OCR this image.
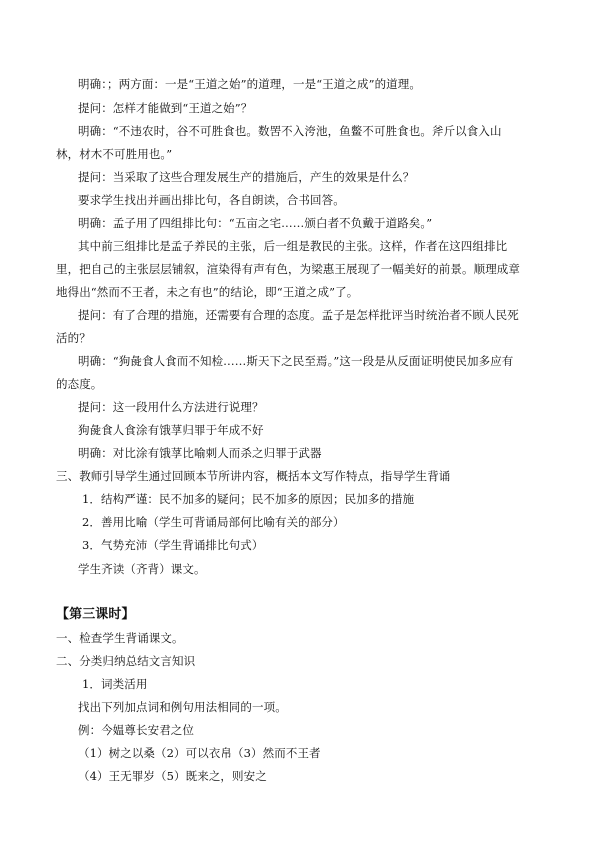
明确：；两方面：一是“王道之始”的道理，一是“王道之成”的道理。
提问：怎样才能做到“王道之始”？
明确：“不违农时，谷不可胜食也。数罟不入洿池，鱼鳖不可胜食也。斧斤以食入山
林，材木不可胜用也。”
提问：当采取了这些合理发展生产的措施后，产生的效果是什么？
要求学生找出并画出排比句，各自朗读，合书回答。
明确：孟子用了四组排比句：“五亩之宅……颁白者不负戴于道路矣。”
其中前三组排比是孟子养民的主张，后一组是教民的主张。这样，作者在这四组排比
里，把自己的主张层层铺叙，渲染得有声有色，为梁惠王展现了一幅美好的前景。顺理成章
地得出“然而不王者，未之有也”的结论，即“王道之成”了。
提问：有了合理的措施，还需要有合理的态度。孟子是怎样批评当时统治者不顾人民死
活的？
明确：“狗彘食人食而不知检……斯天下之民至焉。”这一段是从反面证明使民加多应有
的态度。
提问：这一段用什么方法进行说理？
狗彘食人食涂有饿莩归罪于年成不好
明确：对比涂有饿莩比喻刺人而杀之归罪于武器
三、教师引导学生通过回顾本节所讲内容，概括本文写作特点，指导学生背诵
1．结构严谨：民不加多的疑问；民不加多的原因；民加多的措施
2．善用比喻（学生可背诵局部何比喻有关的部分）
3．气势充沛（学生背诵排比句式）
学生齐读（齐背）课文。
【第三课时】
一、检查学生背诵课文。
二、分类归纳总结文言知识
1．词类活用
找出下列加点词和例句用法相同的一项。
例：今媪尊长安君之位
（1）树之以桑（2）可以衣帛（3）然而不王者
（4）王无罪岁（5）既来之，则安之
